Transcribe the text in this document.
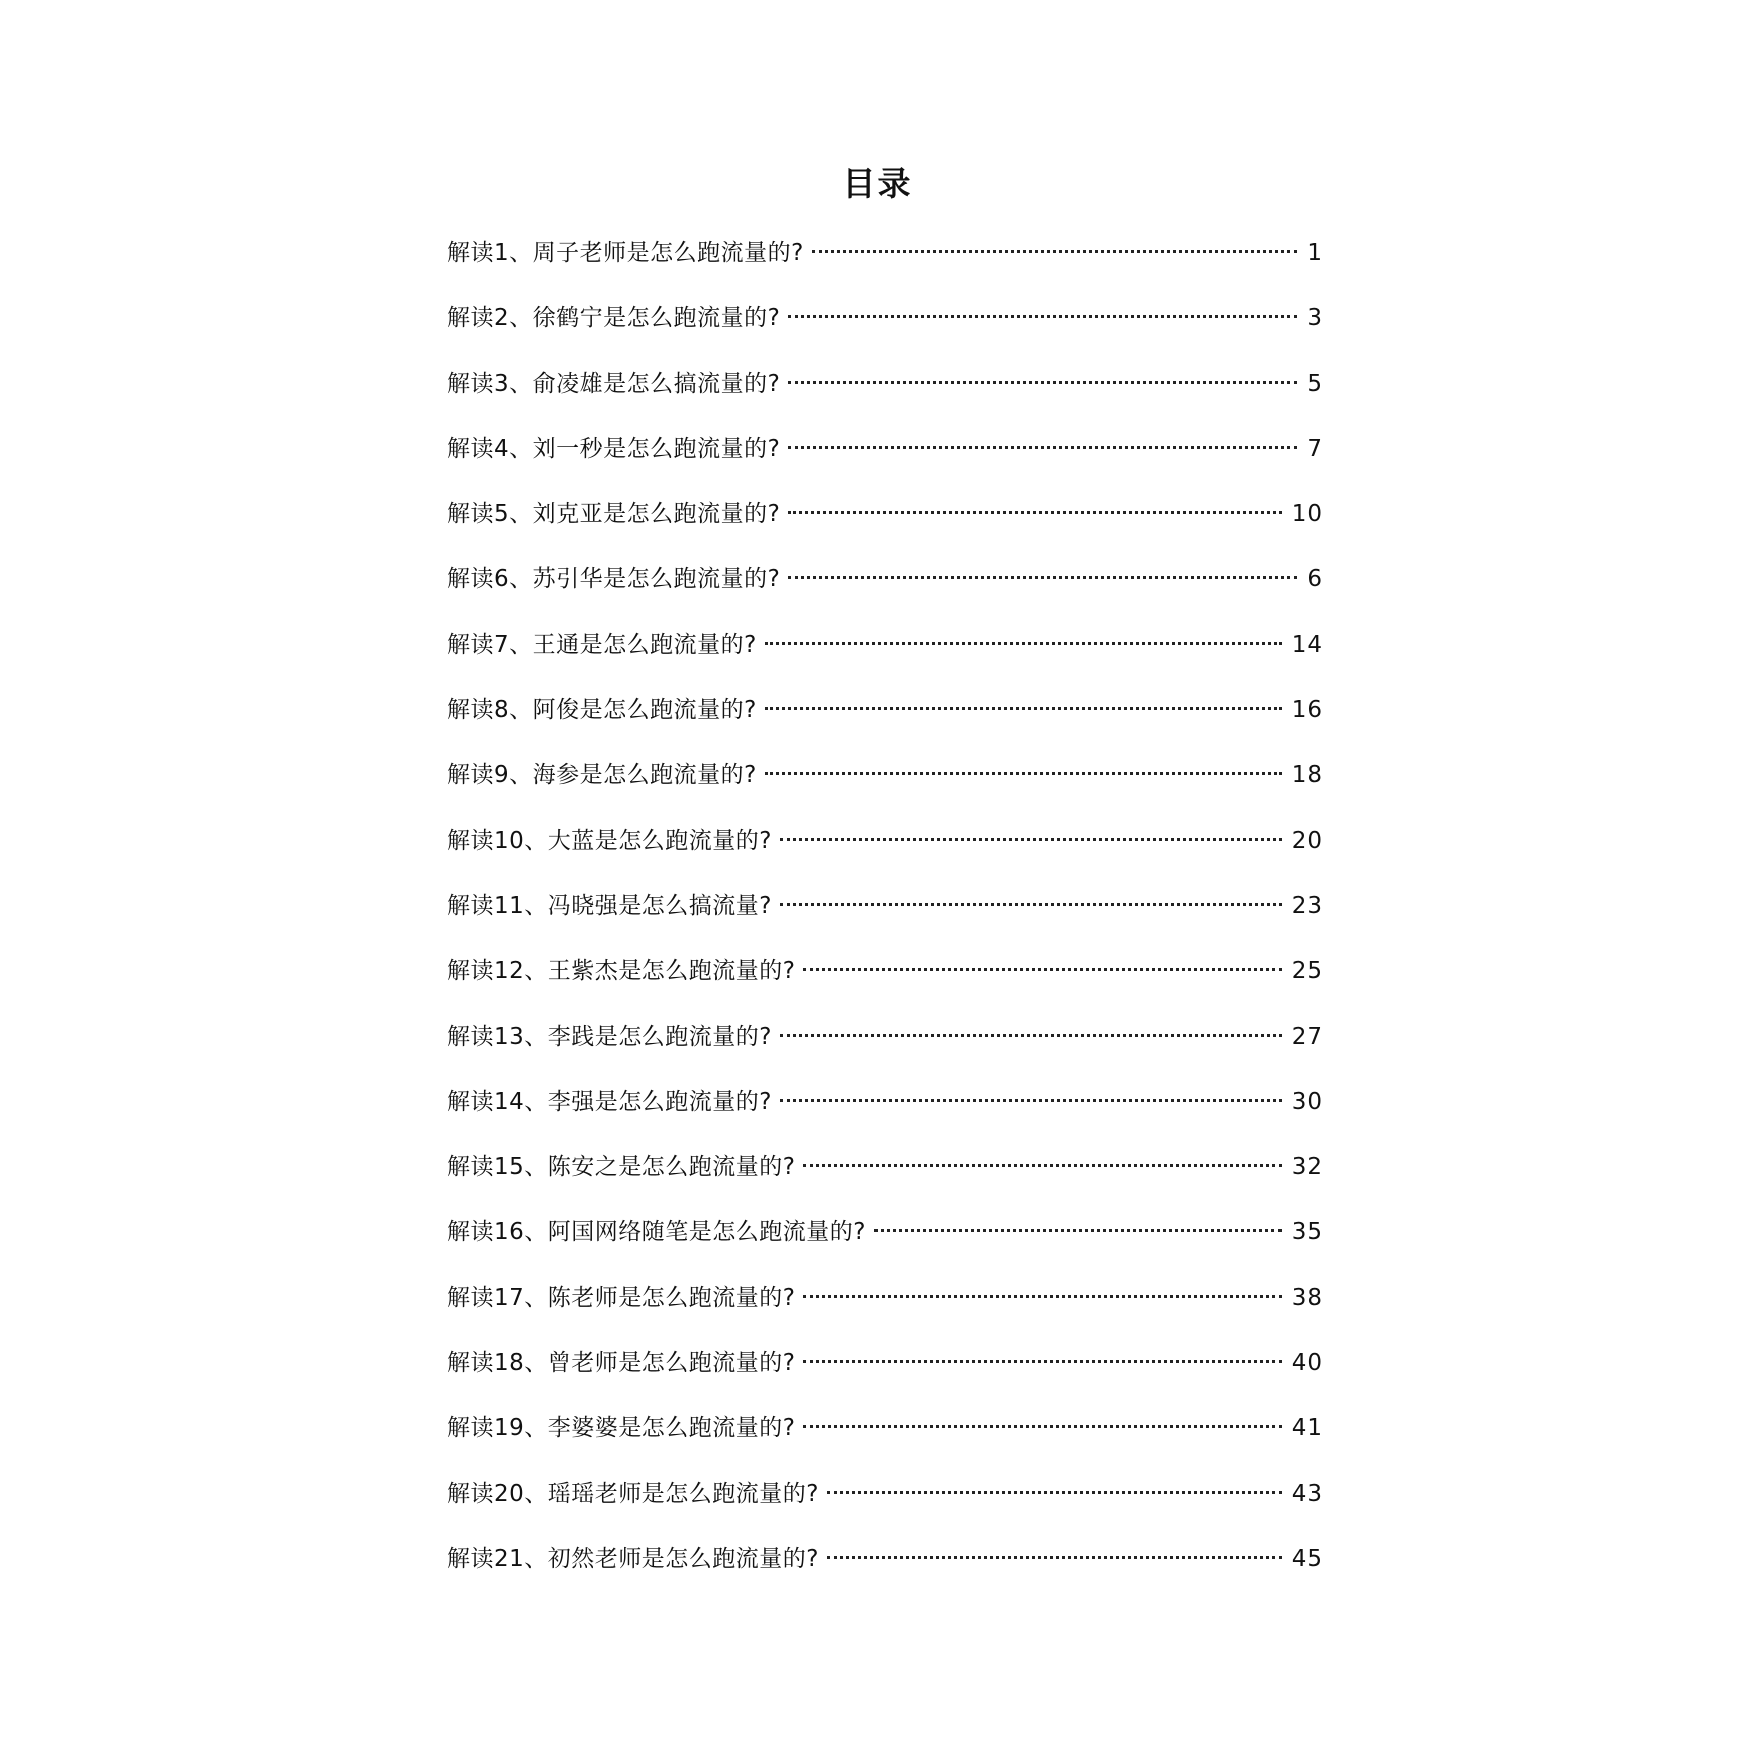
目录
解读1、周子老师是怎么跑流量的?	1
解读2、徐鹤宁是怎么跑流量的?	3
解读3、俞凌雄是怎么搞流量的?	5
解读4、刘一秒是怎么跑流量的?	7
解读5、刘克亚是怎么跑流量的?	10
解读6、苏引华是怎么跑流量的?	6
解读7、王通是怎么跑流量的?	14
解读8、阿俊是怎么跑流量的?	16
解读9、海参是怎么跑流量的?	18
解读10、大蓝是怎么跑流量的?	20
解读11、冯晓强是怎么搞流量?	23
解读12、王紫杰是怎么跑流量的?	25
解读13、李践是怎么跑流量的?	27
解读14、李强是怎么跑流量的?	30
解读15、陈安之是怎么跑流量的?	32
解读16、阿国网络随笔是怎么跑流量的?	35
解读17、陈老师是怎么跑流量的?	38
解读18、曾老师是怎么跑流量的?	40
解读19、李婆婆是怎么跑流量的?	41
解读20、瑶瑶老师是怎么跑流量的?	43
解读21、初然老师是怎么跑流量的?	45
